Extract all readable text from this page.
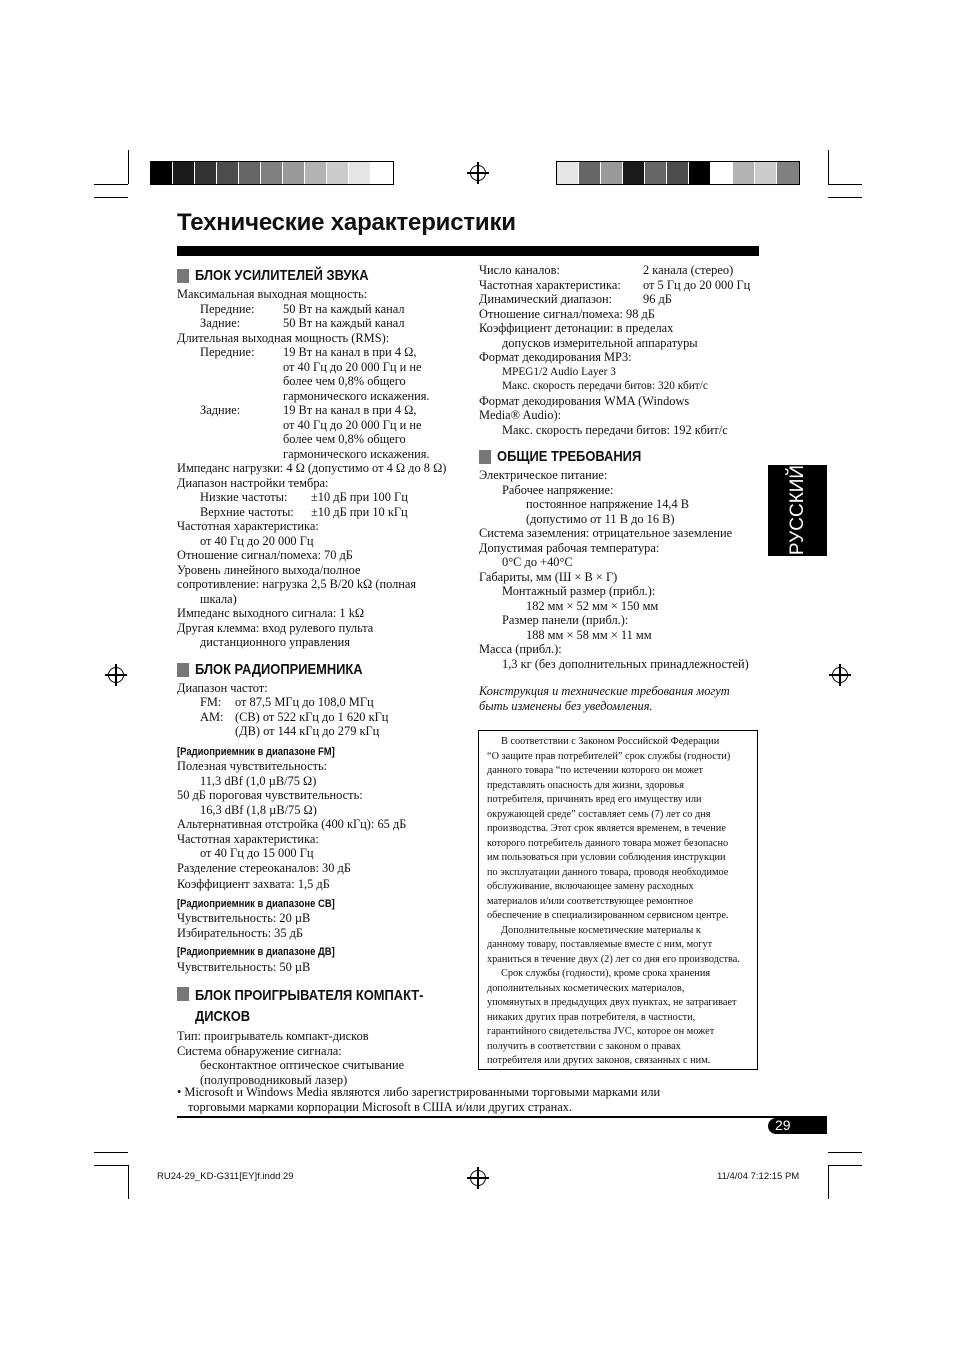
Технические характеристики
РУССКИЙ

БЛОК УСИЛИТЕЛЕЙ ЗВУКА

Максимальная выходная мощность:

Передние: 50 Вт на каждый канал

Задние:	50 Вт на каждый канал

Длительная выходная мощность (RMS):

Передние: 19 Вт на канал в при 4 Ω,

от 40 Гц до 20 000 Гц и не

более чем 0,8% общего

гармонического искажения.

Задние:	19 Вт на канал в при 4 Ω,

от 40 Гц до 20 000 Гц и не

более чем 0,8% общего

гармонического искажения.

Импеданс нагрузки: 4 Ω (допустимо от 4 Ω до 8 Ω)

Диапазон настройки тембра:

Низкие частоты: ±10 дБ при 100 Гц

Верхние частоты: ±10 дБ при 10 кГц

Частотная характеристика:

от 40 Гц до 20 000 Гц

Отношение сигнал/помеха: 70 дБ

Уровень линейного выхода/полное

сопротивление: нагрузка 2,5 В/20 kΩ (полная

шкала)

Импеданс выходного сигнала: 1 kΩ

Другая клемма: вход рулевого пульта

дистанционного управления

БЛОК РАДИОПРИЕМНИКА

Диапазон частот:

FM: от 87,5 МГц до 108,0 МГц

AM: (СВ) от 522 кГц до 1 620 кГц

(ДВ) от 144 кГц до 279 кГц

[Радиоприемник в диапазоне FM]

Полезная чувствительность:

11,3 dBf (1,0 µВ/75 Ω)

50 дБ пороговая чувствительность:

16,3 dBf (1,8 µВ/75 Ω)

Альтернативная отстройка (400 кГц): 65 дБ

Частотная характеристика:

от 40 Гц до 15 000 Гц

Разделение стереоканалов: 30 дБ

Коэффициент захвата: 1,5 дБ

[Радиоприемник в диапазоне СВ]

Чувствительность: 20 µВ

Избирательность: 35 дБ

[Радиоприемник в диапазоне ДВ]

Чувствительность: 50 µВ

БЛОК ПРОИГРЫВАТЕЛЯ КОМПАКТ-ДИСКОВ

Тип: проигрыватель компакт-дисков

Система обнаружение сигнала:

бесконтактное оптическое считывание

(полупроводниковый лазер)

Число каналов:	2 канала (стерео)

Частотная характеристика: от 5 Гц до 20 000 Гц

Динамический диапазон: 96 дБ

Отношение сигнал/помеха: 98 дБ

Коэффициент детонации: в пределах

допусков измерительной аппаратуры

Формат декодирования MP3:

MPEG1/2 Audio Layer 3

Макс. скорость передачи битов: 320 кбит/с

Формат декодирования WMA (Windows

Media® Audio):

Макс. скорость передачи битов: 192 кбит/с

ОБЩИЕ ТРЕБОВАНИЯ

Электрическое питание:

Рабочее напряжение:

постоянное напряжение 14,4 В

(допустимо от 11 В до 16 В)

Система заземления: отрицательное заземление

Допустимая рабочая температура:

0°C до +40°C

Габариты, мм (Ш × В × Г)

Монтажный размер (прибл.):

182 мм × 52 мм × 150 мм

Размер панели (прибл.):

188 мм × 58 мм × 11 мм

Масса (прибл.):

1,3 кг (без дополнительных принадлежностей)

Конструкция и технические требования могут

быть изменены без уведомления.

В соответствии с Законом Российской Федерации
“О защите прав потребителей” срок службы (годности)
данного товара “по истечении которого он может
представлять опасность для жизни, здоровья
потребителя, причинять вред его имуществу или
окружающей среде” составляет семь (7) лет со дня
производства. Этот срок является временем, в течение
которого потребитель данного товара может безопасно
им пользоваться при условии соблюдения инструкции
по эксплуатации данного товара, проводя необходимое
обслуживание, включающее замену расходных
материалов и/или соответствующее ремонтное
обеспечение в специализированном сервисном центре.

Дополнительные косметические материалы к
данному товару, поставляемые вместе с ним, могут
храниться в течение двух (2) лет со дня его производства.

Срок службы (годности), кроме срока хранения
дополнительных косметических материалов,
упомянутых в предыдущих двух пунктах, не затрагивает
никаких других прав потребителя, в частности,
гарантийного свидетельства JVC, которое он может
получить в соответствии с законом о правах
потребителя или других законов, связанных с ним.

• Microsoft и Windows Media являются либо зарегистрированными торговыми марками или

торговыми марками корпорации Microsoft в США и/или других странах.

29
RU24-29_KD-G311[EY]f.indd 29	11/4/04 7:12:15 PM
